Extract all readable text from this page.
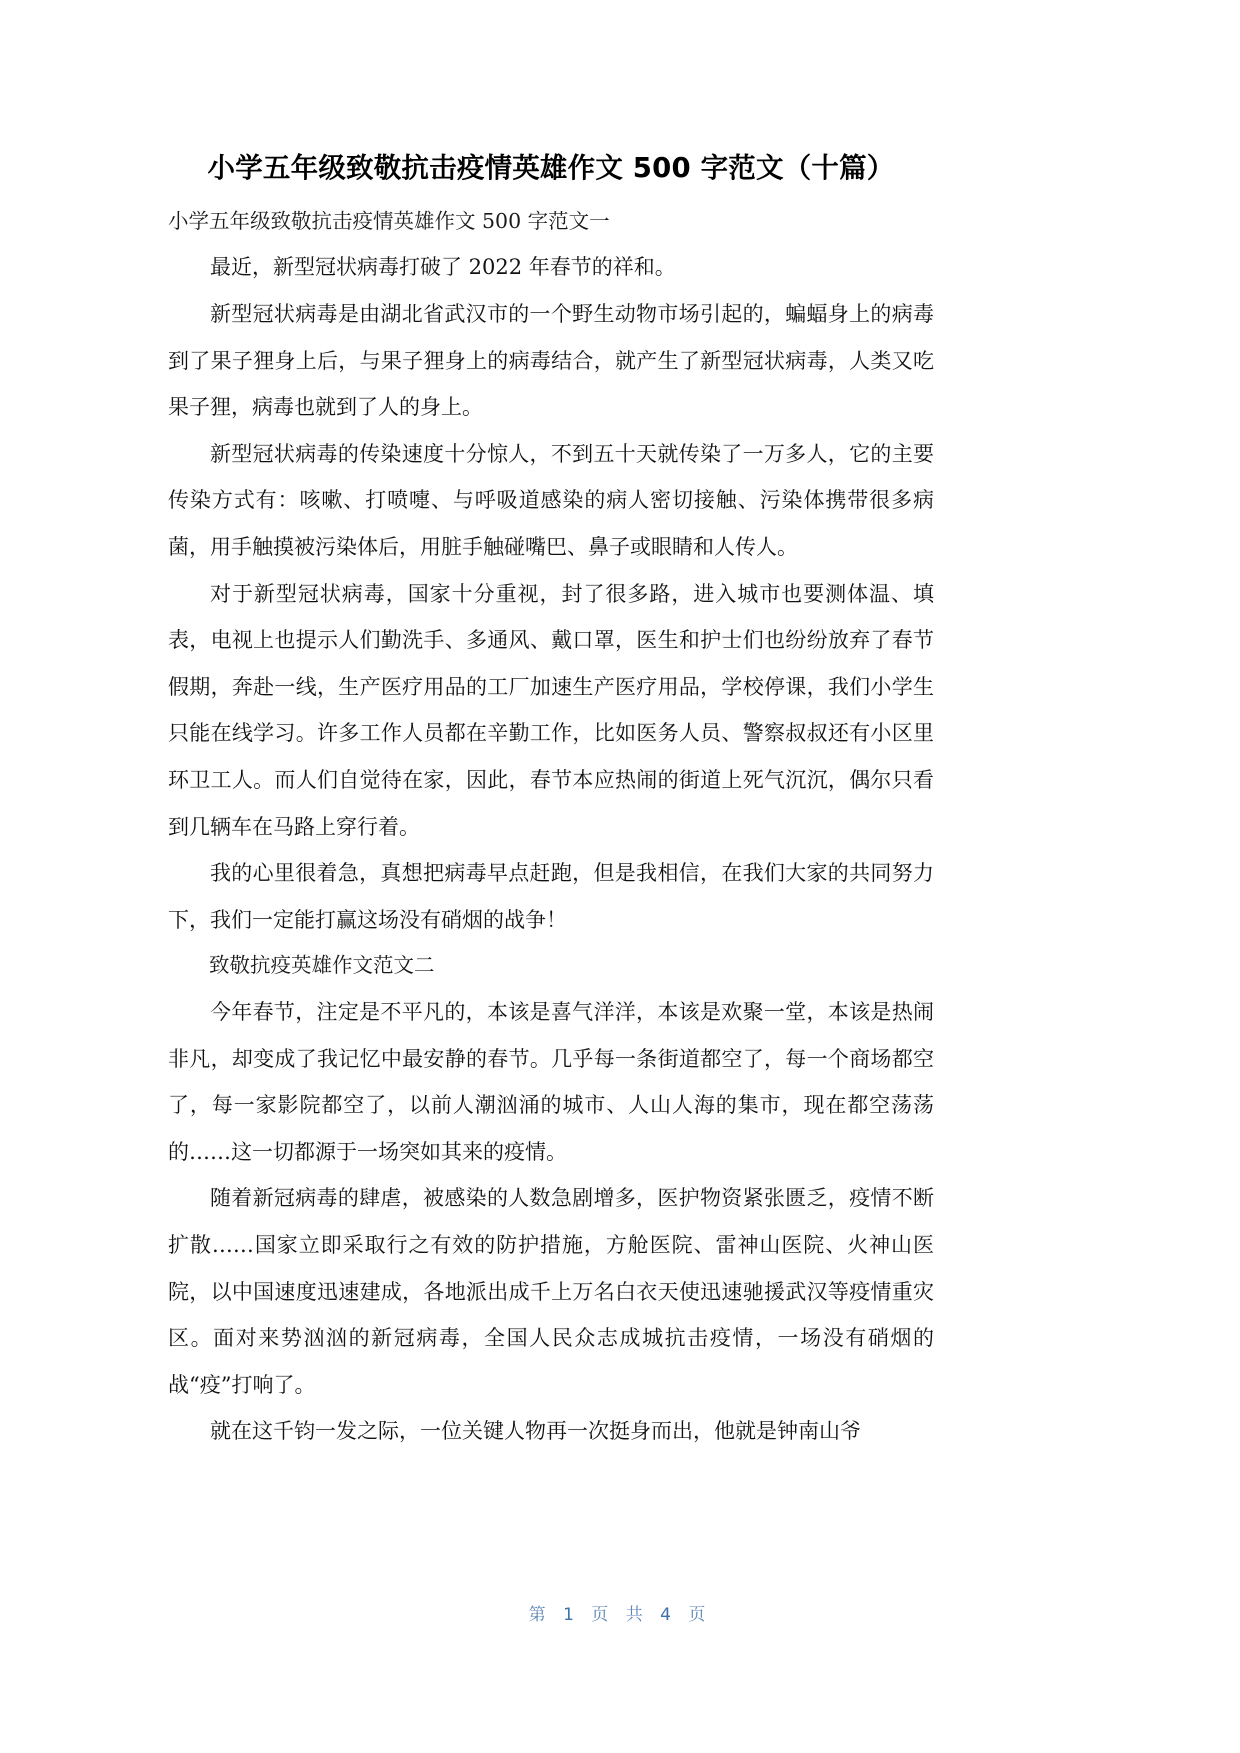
小学五年级致敬抗击疫情英雄作文 500 字范文（十篇）

小学五年级致敬抗击疫情英雄作文 500 字范文一

最近，新型冠状病毒打破了 2022 年春节的祥和。

新型冠状病毒是由湖北省武汉市的一个野生动物市场引起的，蝙蝠身上的病毒到了果子狸身上后，与果子狸身上的病毒结合，就产生了新型冠状病毒，人类又吃果子狸，病毒也就到了人的身上。

新型冠状病毒的传染速度十分惊人，不到五十天就传染了一万多人，它的主要传染方式有：咳嗽、打喷嚏、与呼吸道感染的病人密切接触、污染体携带很多病菌，用手触摸被污染体后，用脏手触碰嘴巴、鼻子或眼睛和人传人。

对于新型冠状病毒，国家十分重视，封了很多路，进入城市也要测体温、填表，电视上也提示人们勤洗手、多通风、戴口罩，医生和护士们也纷纷放弃了春节假期，奔赴一线，生产医疗用品的工厂加速生产医疗用品，学校停课，我们小学生只能在线学习。许多工作人员都在辛勤工作，比如医务人员、警察叔叔还有小区里环卫工人。而人们自觉待在家，因此，春节本应热闹的街道上死气沉沉，偶尔只看到几辆车在马路上穿行着。

我的心里很着急，真想把病毒早点赶跑，但是我相信，在我们大家的共同努力下，我们一定能打赢这场没有硝烟的战争！

致敬抗疫英雄作文范文二

今年春节，注定是不平凡的，本该是喜气洋洋，本该是欢聚一堂，本该是热闹非凡，却变成了我记忆中最安静的春节。几乎每一条街道都空了，每一个商场都空了，每一家影院都空了，以前人潮汹涌的城市、人山人海的集市，现在都空荡荡的……这一切都源于一场突如其来的疫情。

随着新冠病毒的肆虐，被感染的人数急剧增多，医护物资紧张匮乏，疫情不断扩散……国家立即采取行之有效的防护措施，方舱医院、雷神山医院、火神山医院，以中国速度迅速建成，各地派出成千上万名白衣天使迅速驰援武汉等疫情重灾区。面对来势汹汹的新冠病毒，全国人民众志成城抗击疫情，一场没有硝烟的战“疫”打响了。

就在这千钧一发之际，一位关键人物再一次挺身而出，他就是钟南山爷

第 1 页 共 4 页
